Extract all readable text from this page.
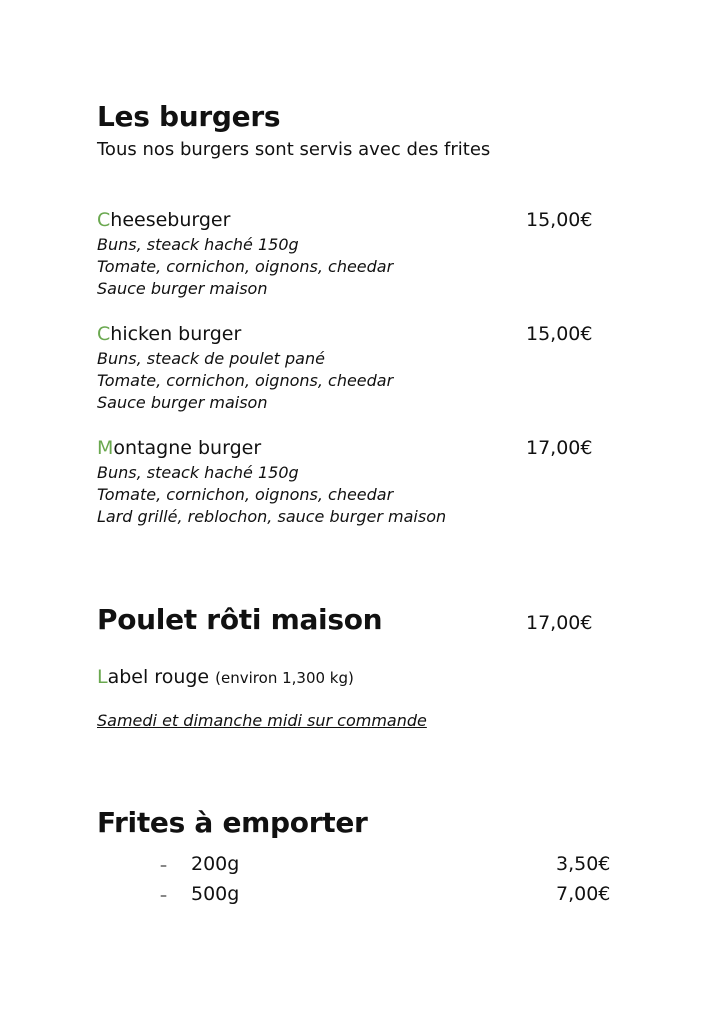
Les burgers
Tous nos burgers sont servis avec des frites
Cheeseburger	15,00€
Buns, steack haché 150g
Tomate, cornichon, oignons, cheedar
Sauce burger maison
Chicken burger	15,00€
Buns, steack de poulet pané
Tomate, cornichon, oignons, cheedar
Sauce burger maison
Montagne burger	17,00€
Buns, steack haché 150g
Tomate, cornichon, oignons, cheedar
Lard grillé, reblochon, sauce burger maison
Poulet rôti maison	17,00€
Label rouge (environ 1,300 kg)
Samedi et dimanche midi sur commande
Frites à emporter
– 200g	3,50€
– 500g	7,00€
